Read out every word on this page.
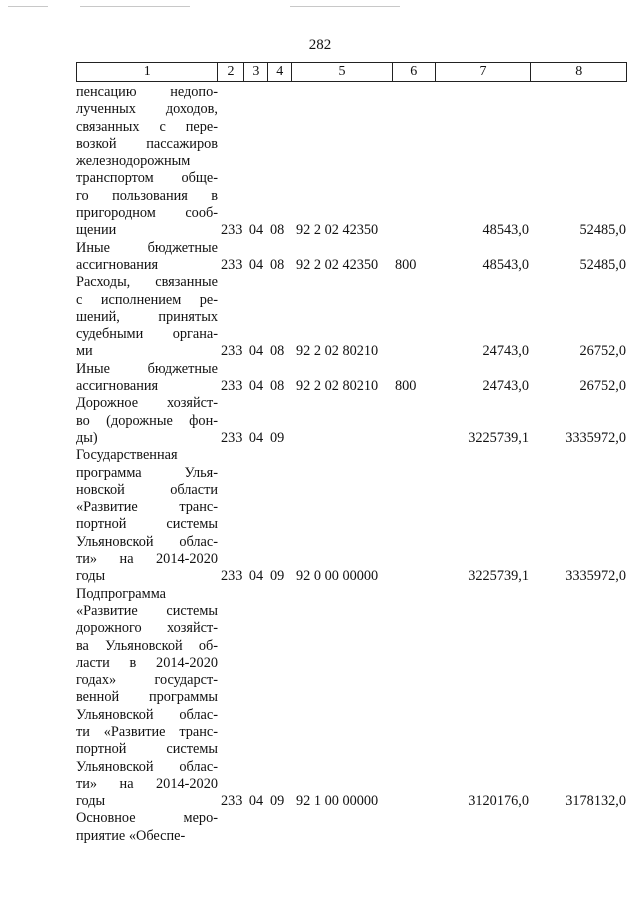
282
1	2	3	4	5	6	7	8
пенсацию недопо-
лученных доходов,
связанных с пере-
возкой пассажиров
железнодорожным
транспортом обще-
го пользования в
пригородном сооб-
щении	233 04 08 92 2 02 42350	48543,0	52485,0
Иные бюджетные
ассигнования	233 04 08 92 2 02 42350	800	48543,0	52485,0
Расходы, связанные
с исполнением ре-
шений, принятых
судебными органа-
ми	233 04 08 92 2 02 80210	24743,0	26752,0
Иные бюджетные
ассигнования	233 04 08 92 2 02 80210	800	24743,0	26752,0
Дорожное хозяйст-
во (дорожные фон-
ды)	233 04 09	3225739,1	3335972,0
Государственная
программа Улья-
новской области
«Развитие транс-
портной системы
Ульяновской облас-
ти» на 2014-2020
годы	233 04 09 92 0 00 00000	3225739,1	3335972,0
Подпрограмма
«Развитие системы
дорожного хозяйст-
ва Ульяновской об-
ласти в 2014-2020
годах» государст-
венной программы
Ульяновской облас-
ти «Развитие транс-
портной системы
Ульяновской облас-
ти» на 2014-2020
годы	233 04 09 92 1 00 00000	3120176,0	3178132,0
Основное меро-
приятие «Обеспе-
